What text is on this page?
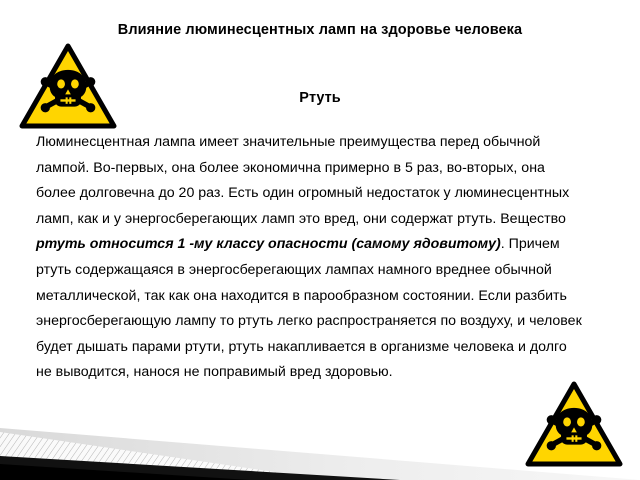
Влияние люминесцентных ламп на здоровье человека
Ртуть
Люминесцентная лампа имеет значительные преимущества перед обычной лампой. Во-первых, она более экономична примерно в 5 раз, во-вторых, она более долговечна до 20 раз. Есть один огромный недостаток у люминесцентных ламп, как и у энергосберегающих ламп это вред, они содержат ртуть. Вещество ртуть относится 1 -му классу опасности (самому ядовитому). Причем ртуть содержащаяся в энергосберегающих лампах намного вреднее обычной металлической, так как она находится в парообразном состоянии. Если разбить энергосберегающую лампу то ртуть легко распространяется по воздуху, и человек будет дышать парами ртути, ртуть накапливается в организме человека и долго не выводится, нанося не поправимый вред здоровью.
